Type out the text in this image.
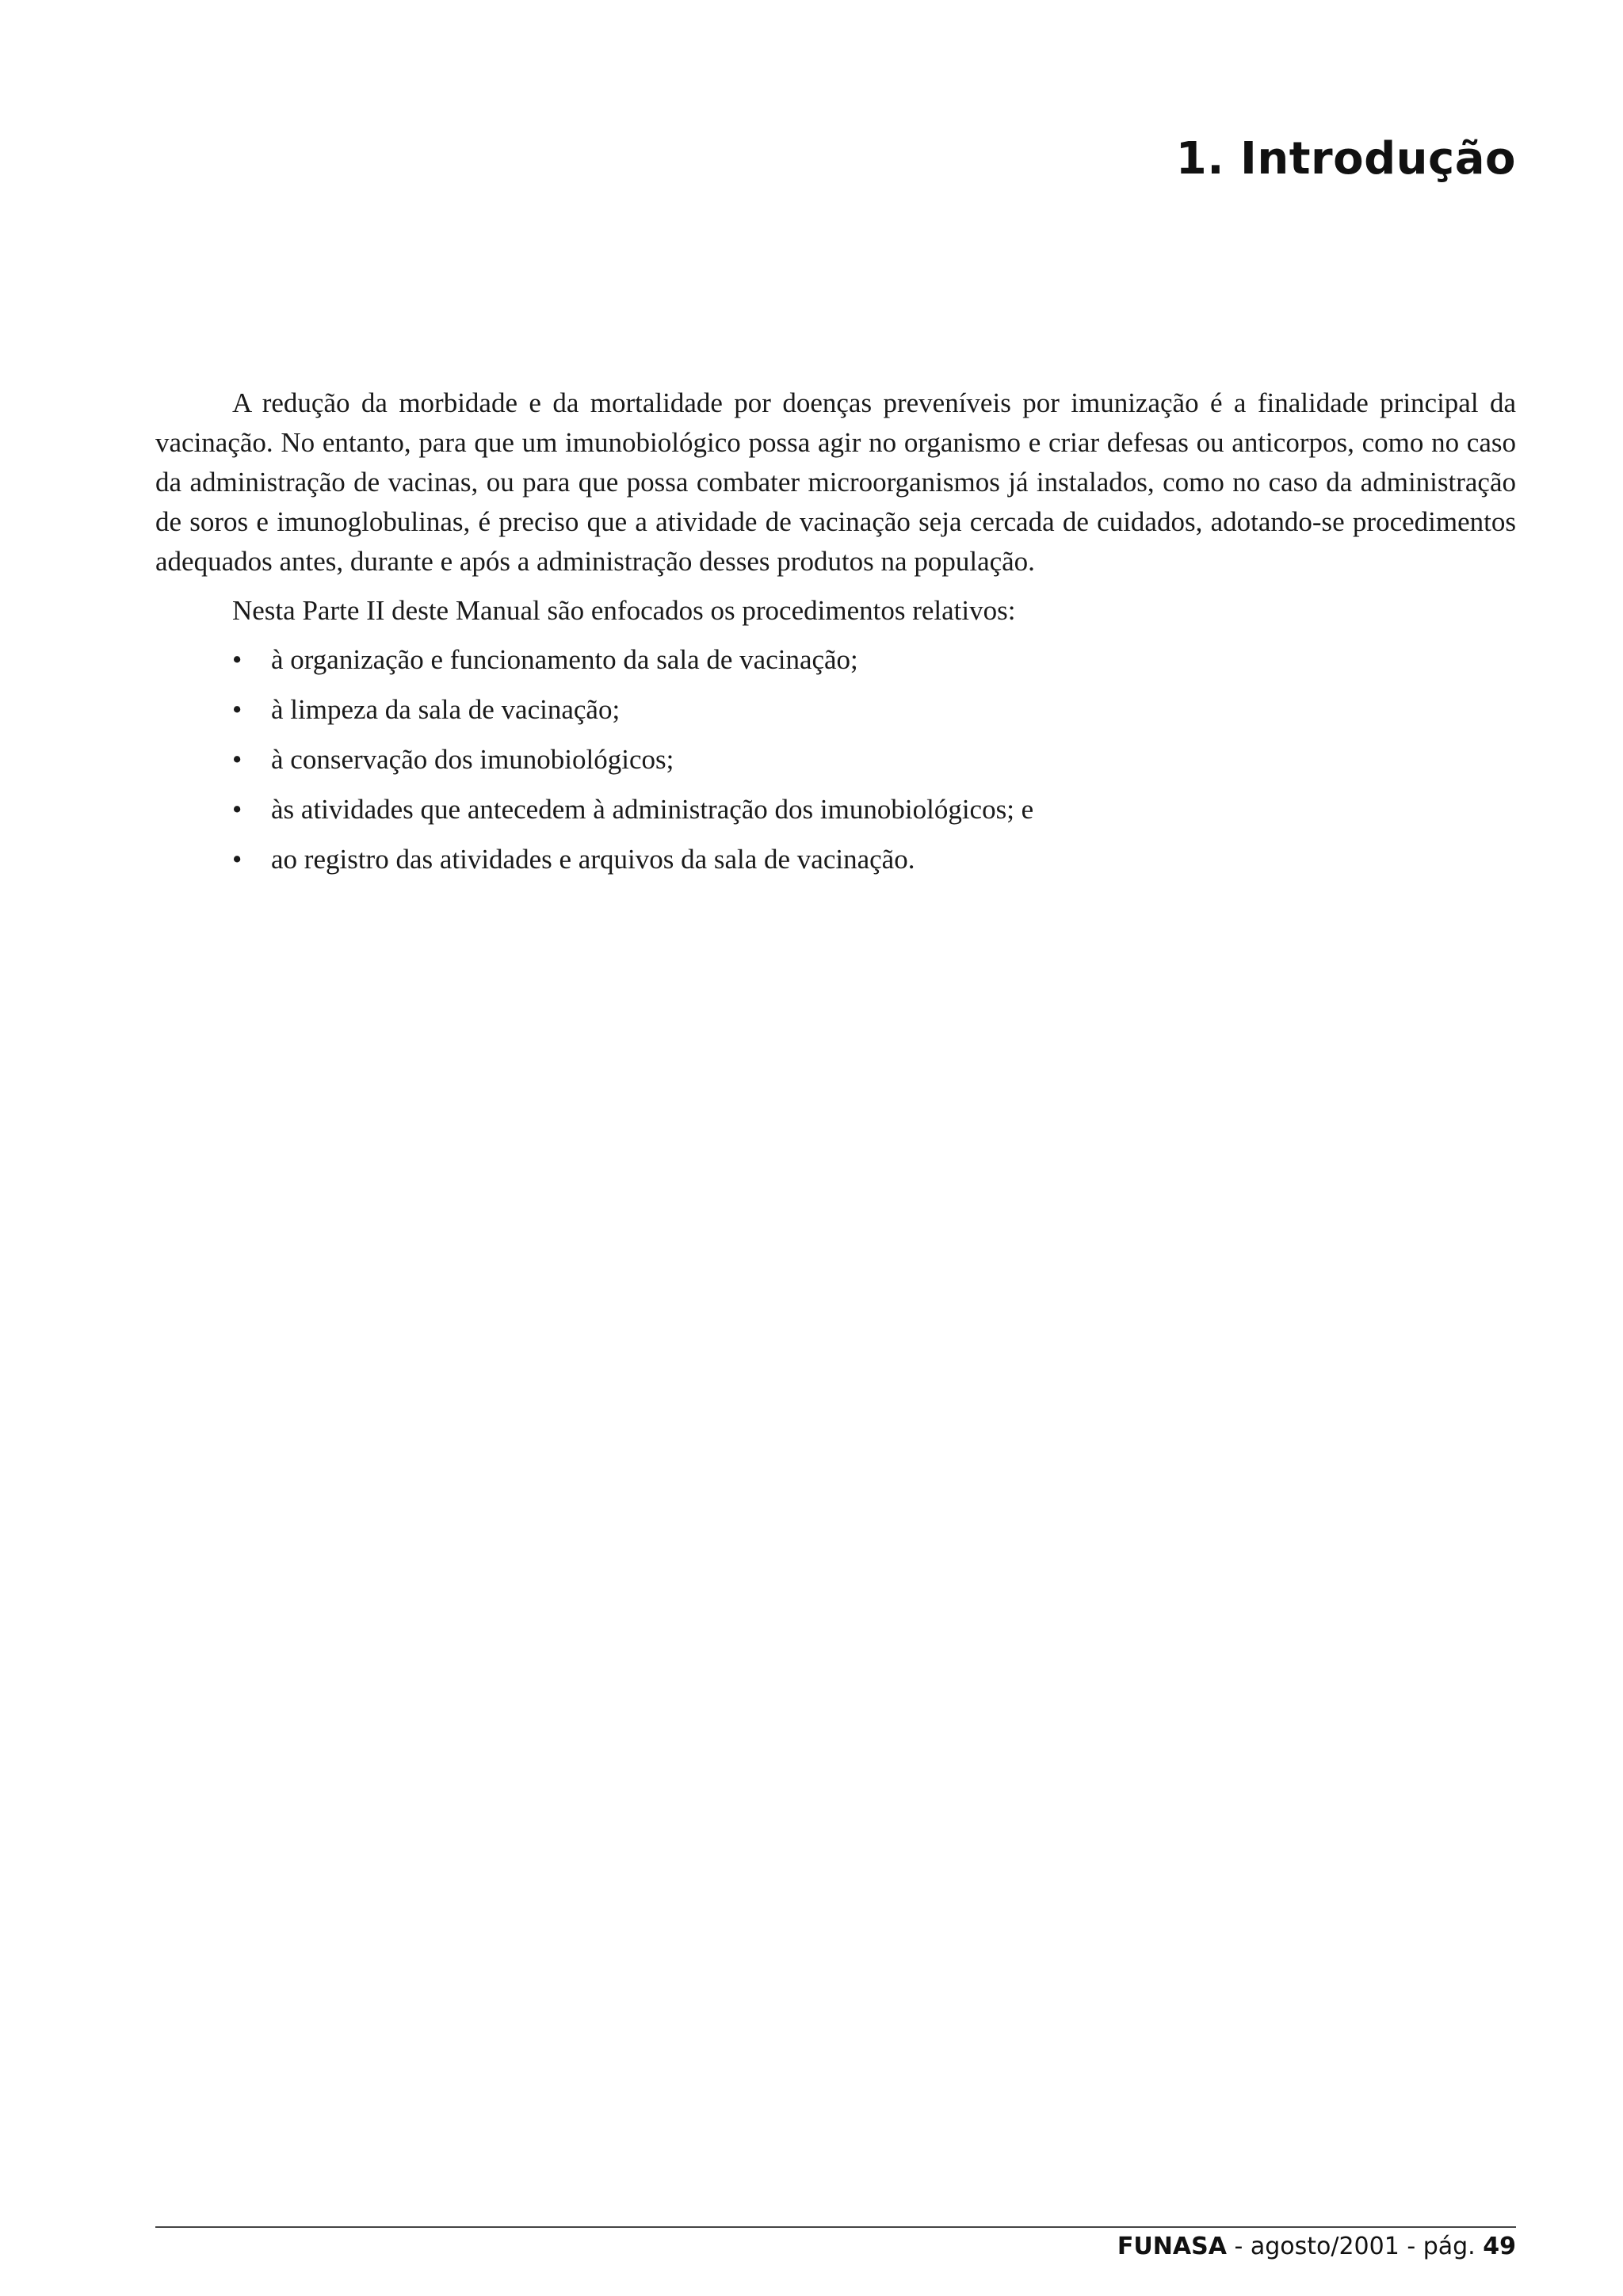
1. Introdução

A redução da morbidade e da mortalidade por doenças preveníveis por imunização é a finalidade principal da vacinação. No entanto, para que um imunobiológico possa agir no organismo e criar defesas ou anticorpos, como no caso da administração de vacinas, ou para que possa combater microorganismos já instalados, como no caso da administração de soros e imunoglobulinas, é preciso que a atividade de vacinação seja cercada de cuidados, adotando-se procedimentos adequados antes, durante e após a administração desses produtos na população.

Nesta Parte II deste Manual são enfocados os procedimentos relativos:

• à organização e funcionamento da sala de vacinação;
• à limpeza da sala de vacinação;
• à conservação dos imunobiológicos;
• às atividades que antecedem à administração dos imunobiológicos; e
• ao registro das atividades e arquivos da sala de vacinação.
FUNASA - agosto/2001 - pág. 49
